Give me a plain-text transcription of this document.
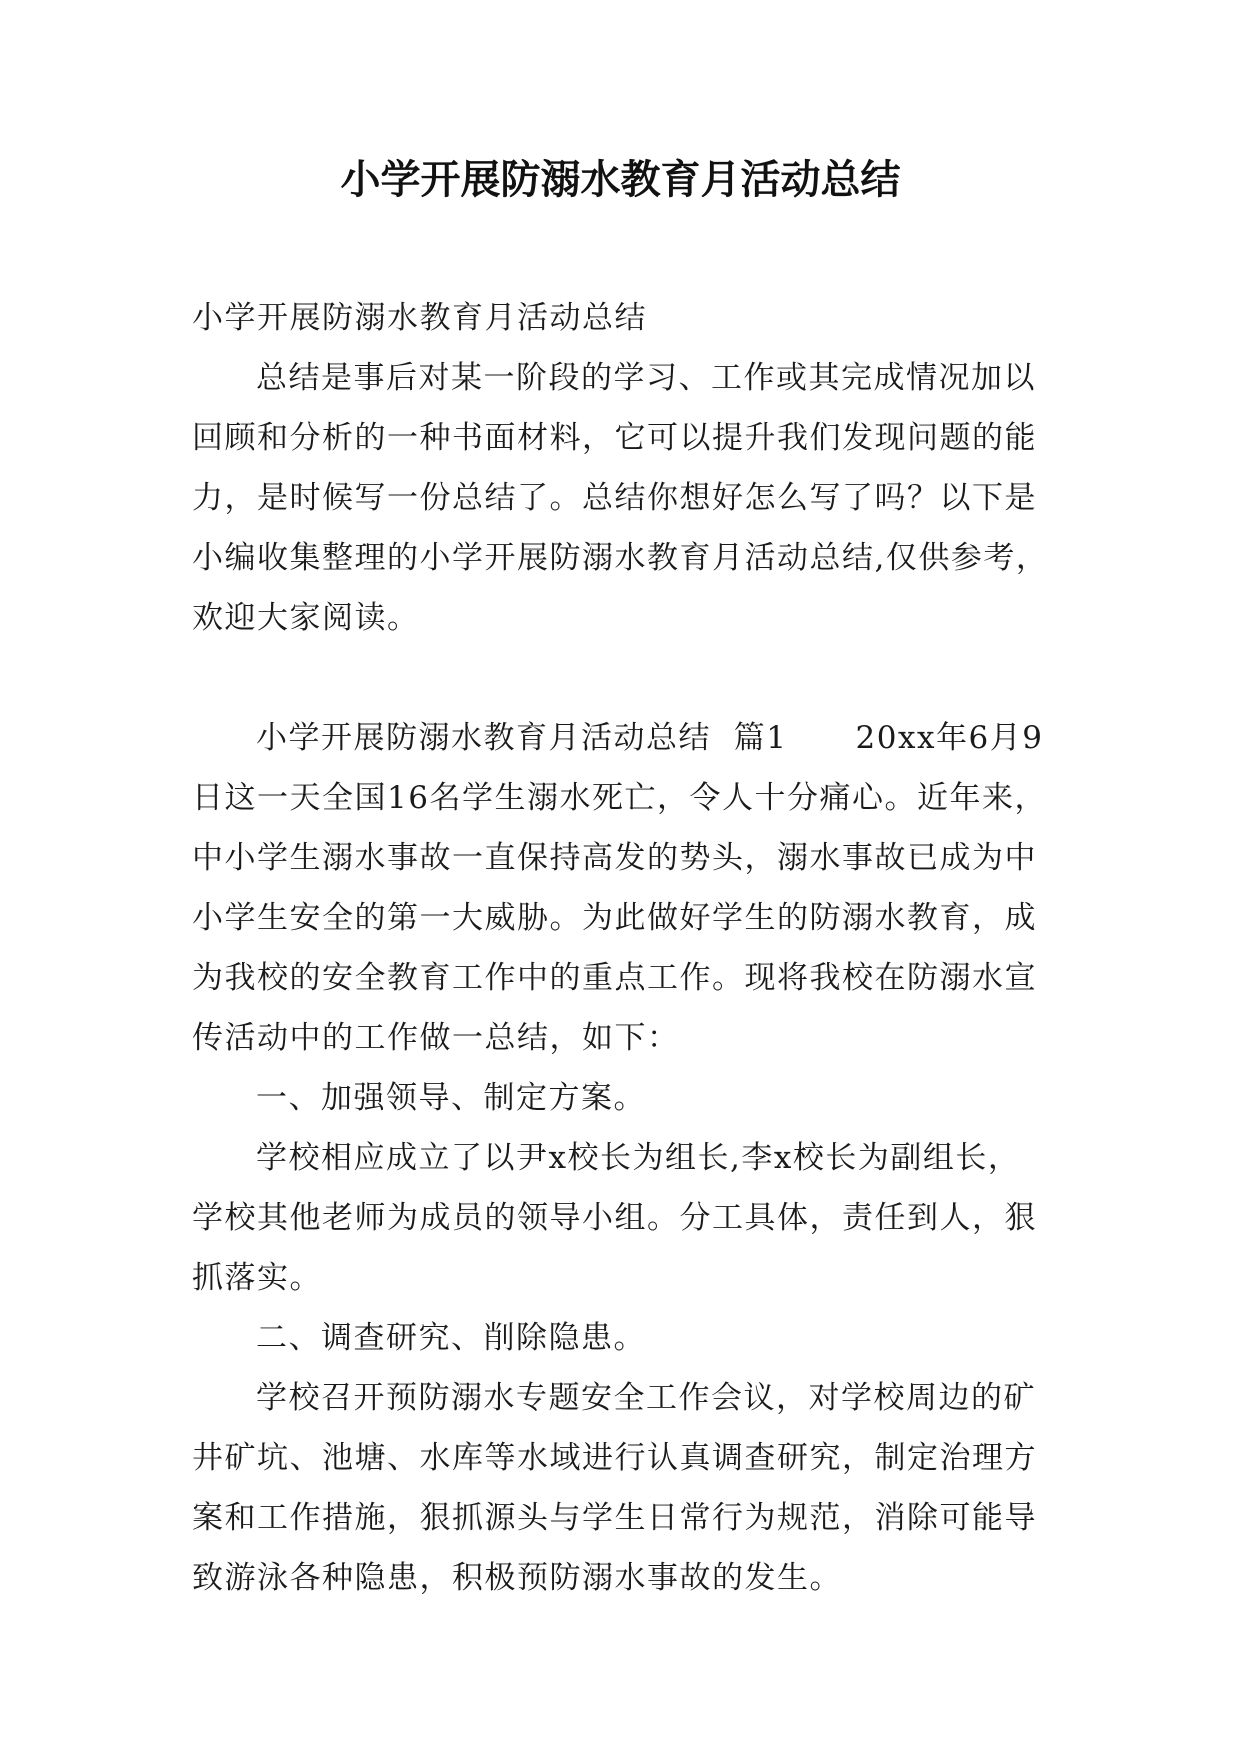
小学开展防溺水教育月活动总结

小学开展防溺水教育月活动总结

总结是事后对某一阶段的学习、工作或其完成情况加以

回顾和分析的一种书面材料，它可以提升我们发现问题的能

力，是时候写一份总结了。总结你想好怎么写了吗？以下是

小编收集整理的小学开展防溺水教育月活动总结,仅供参考，

欢迎大家阅读。

小学开展防溺水教育月活动总结  篇1      20xx年6月9

日这一天全国16名学生溺水死亡，令人十分痛心。近年来，

中小学生溺水事故一直保持高发的势头，溺水事故已成为中

小学生安全的第一大威胁。为此做好学生的防溺水教育，成

为我校的安全教育工作中的重点工作。现将我校在防溺水宣

传活动中的工作做一总结，如下：

一、加强领导、制定方案。

学校相应成立了以尹x校长为组长,李x校长为副组长，

学校其他老师为成员的领导小组。分工具体，责任到人，狠

抓落实。

二、调查研究、削除隐患。

学校召开预防溺水专题安全工作会议，对学校周边的矿

井矿坑、池塘、水库等水域进行认真调查研究，制定治理方

案和工作措施，狠抓源头与学生日常行为规范，消除可能导

致游泳各种隐患，积极预防溺水事故的发生。
